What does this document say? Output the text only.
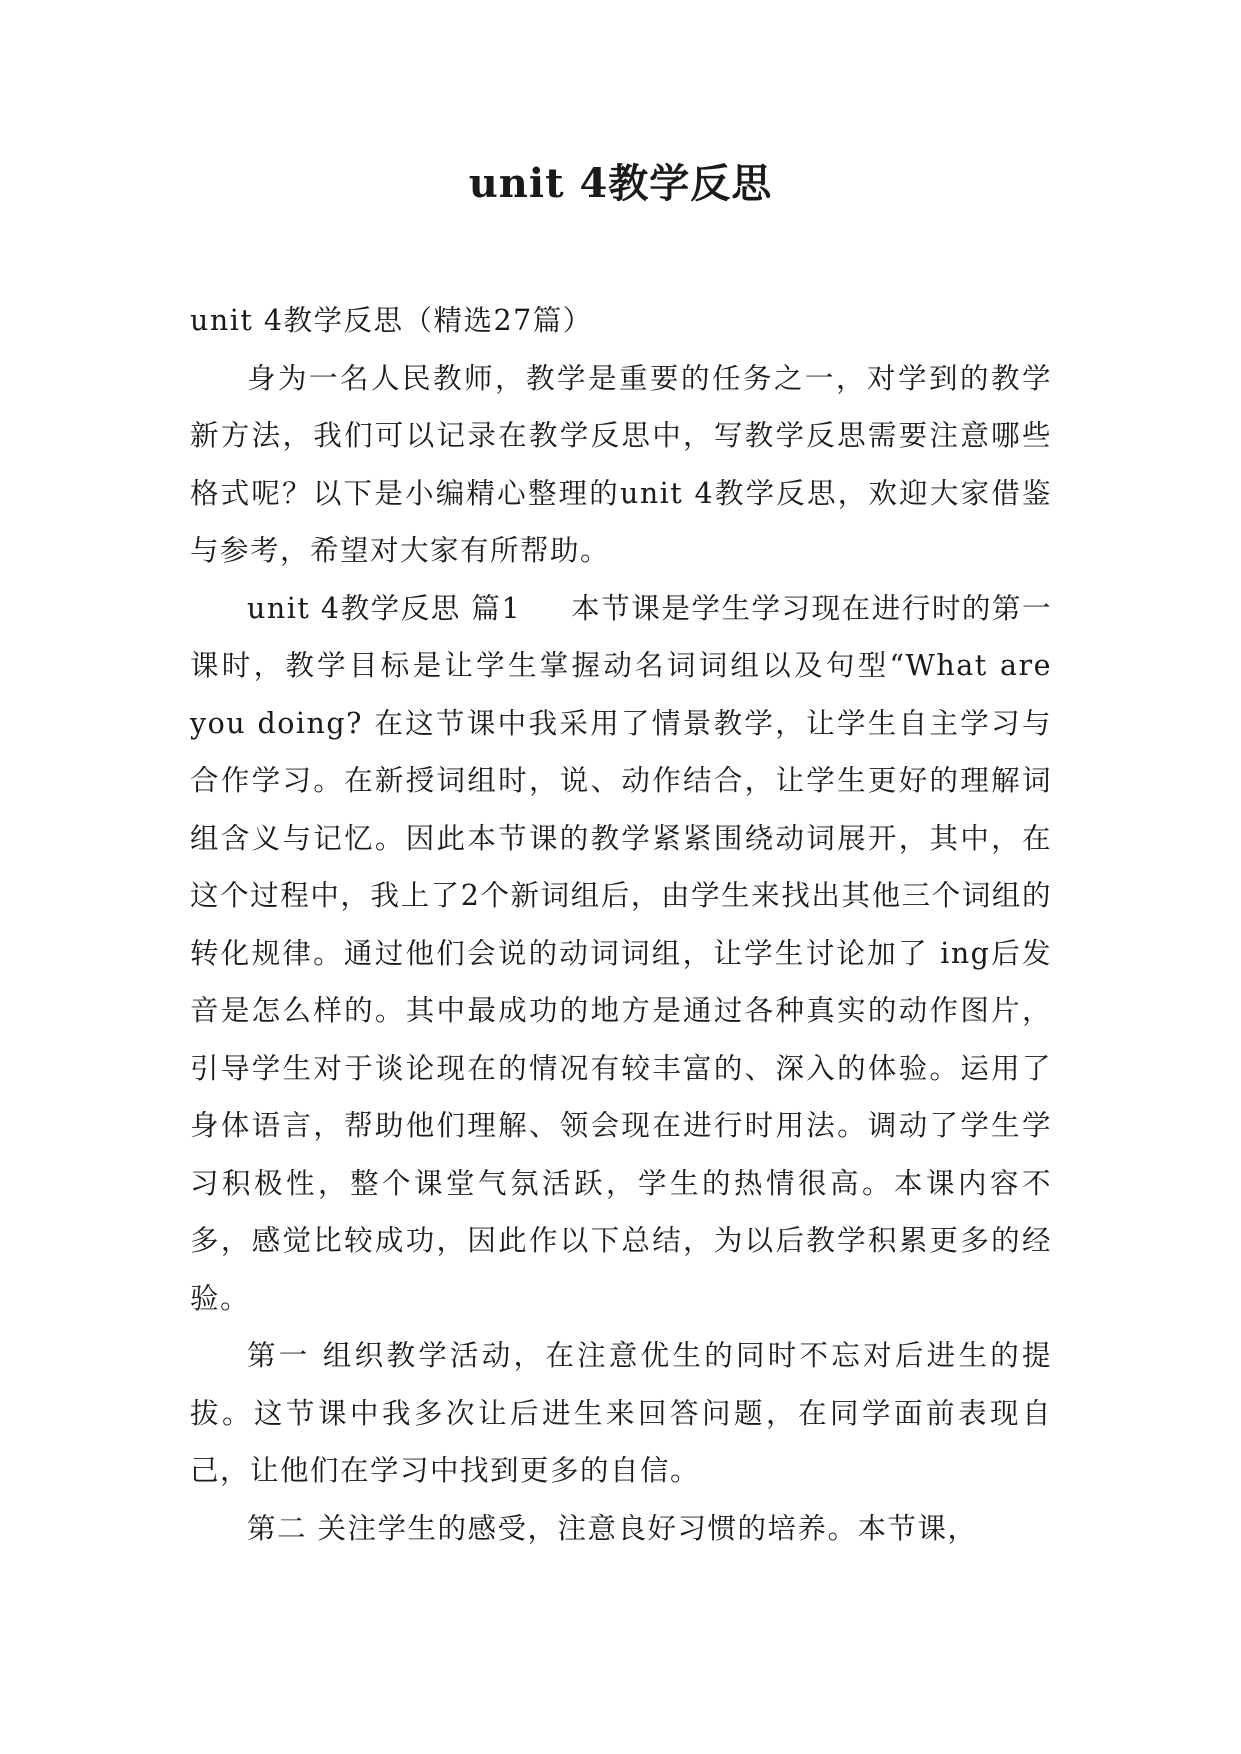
unit 4教学反思

unit 4教学反思（精选27篇）

身为一名人民教师，教学是重要的任务之一，对学到的教学新方法，我们可以记录在教学反思中，写教学反思需要注意哪些格式呢？以下是小编精心整理的unit 4教学反思，欢迎大家借鉴与参考，希望对大家有所帮助。

unit 4教学反思 篇1 本节课是学生学习现在进行时的第一课时，教学目标是让学生掌握动名词词组以及句型“What are you doing? 在这节课中我采用了情景教学，让学生自主学习与合作学习。在新授词组时，说、动作结合，让学生更好的理解词组含义与记忆。因此本节课的教学紧紧围绕动词展开，其中，在这个过程中，我上了2个新词组后，由学生来找出其他三个词组的转化规律。通过他们会说的动词词组，让学生讨论加了 ing后发音是怎么样的。其中最成功的地方是通过各种真实的动作图片，引导学生对于谈论现在的情况有较丰富的、深入的体验。运用了身体语言，帮助他们理解、领会现在进行时用法。调动了学生学习积极性，整个课堂气氛活跃，学生的热情很高。本课内容不多，感觉比较成功，因此作以下总结，为以后教学积累更多的经验。

第一 组织教学活动，在注意优生的同时不忘对后进生的提拔。这节课中我多次让后进生来回答问题，在同学面前表现自己，让他们在学习中找到更多的自信。

第二 关注学生的感受，注意良好习惯的培养。本节课，
